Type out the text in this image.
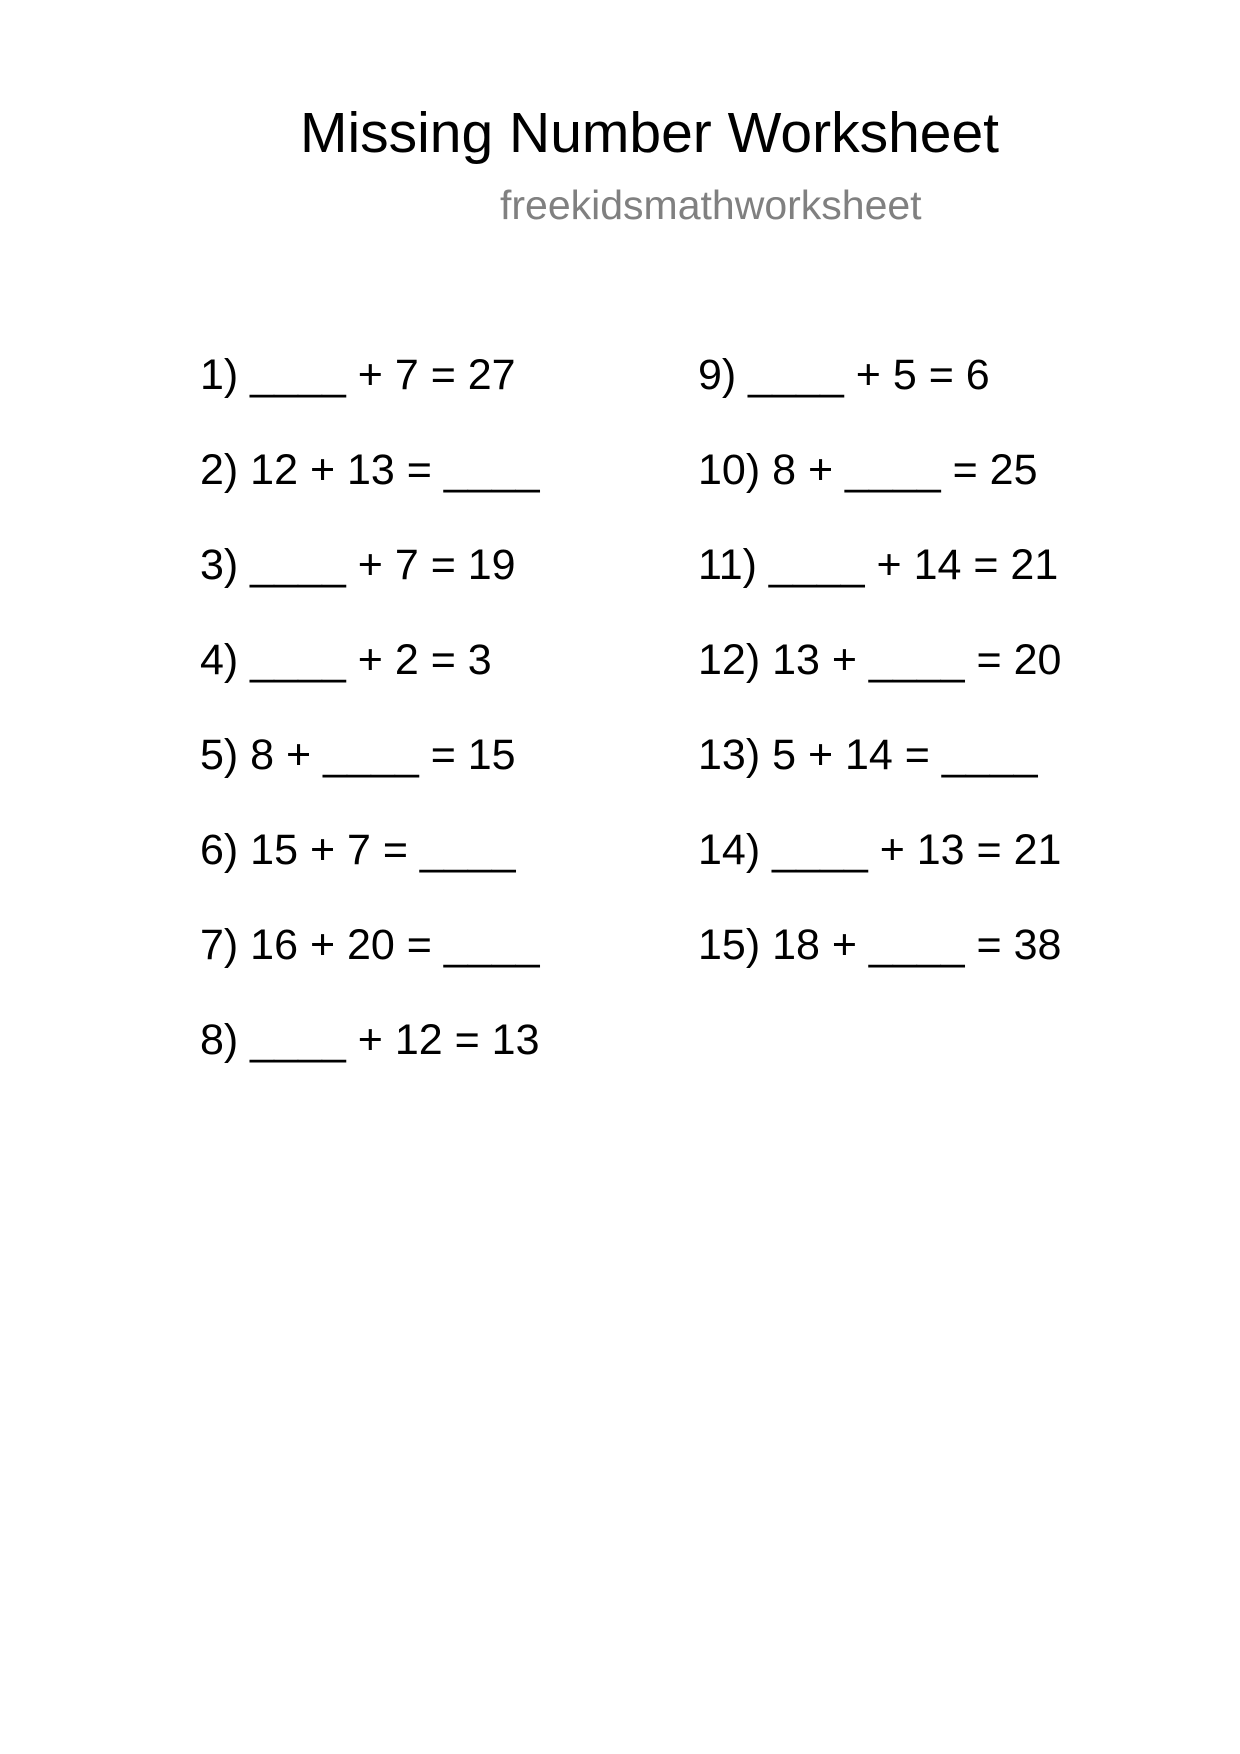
Missing Number Worksheet
freekidsmathworksheet
1) ____ + 7 = 27
2) 12 + 13 = ____
3) ____ + 7 = 19
4) ____ + 2 = 3
5) 8 + ____ = 15
6) 15 + 7 = ____
7) 16 + 20 = ____
8) ____ + 12 = 13
9) ____ + 5 = 6
10) 8 + ____ = 25
11) ____ + 14 = 21
12) 13 + ____ = 20
13) 5 + 14 = ____
14) ____ + 13 = 21
15) 18 + ____ = 38
